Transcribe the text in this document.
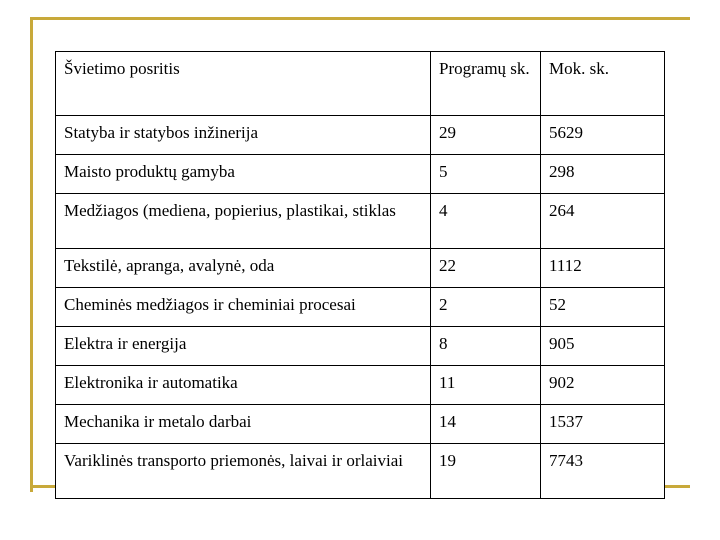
Švietimo posritis	Programų sk.	Mok. sk.
Statyba ir statybos inžinerija	29	5629
Maisto produktų gamyba	5	298
Medžiagos (mediena, popierius, plastikai, stiklas	4	264
Tekstilė, apranga, avalynė, oda	22	1112
Cheminės medžiagos ir cheminiai procesai	2	52
Elektra ir energija	8	905
Elektronika ir automatika	11	902
Mechanika ir metalo darbai	14	1537
Variklinės transporto priemonės, laivai ir orlaiviai	19	7743
